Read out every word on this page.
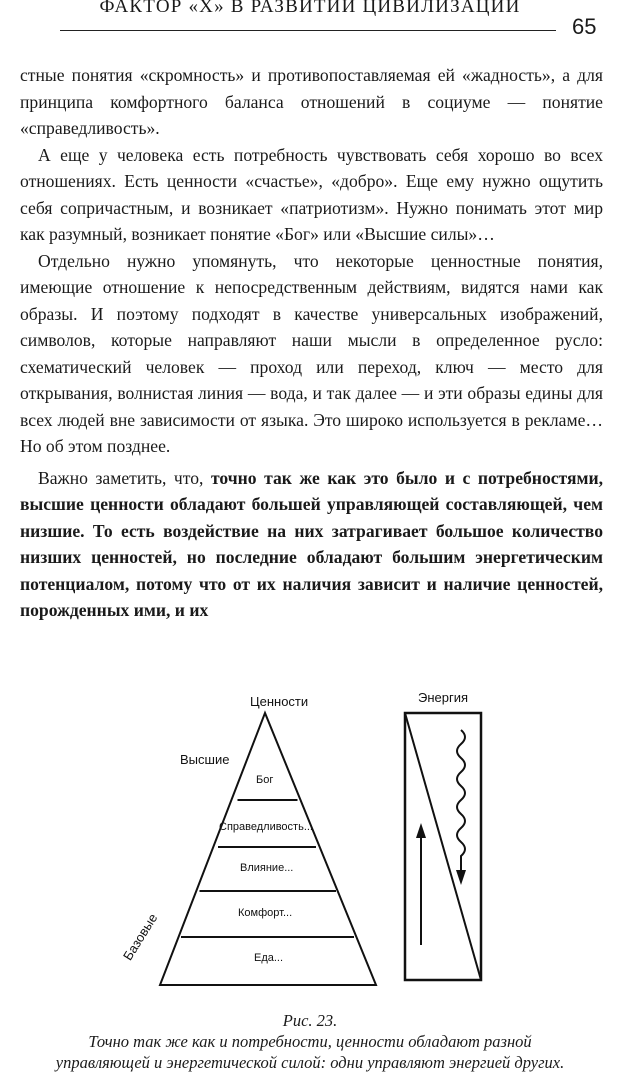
ФАКТОР «Х» В РАЗВИТИИ ЦИВИЛИЗАЦИИ
65

стные понятия «скромность» и противопоставляемая ей «жадность», а для принципа комфортного баланса отношений в социуме — понятие «справедливость».

А еще у человека есть потребность чувствовать себя хорошо во всех отношениях. Есть ценности «счастье», «добро». Еще ему нужно ощутить себя сопричастным, и возникает «патриотизм». Нужно понимать этот мир как разумный, возникает понятие «Бог» или «Высшие силы»…

Отдельно нужно упомянуть, что некоторые ценностные понятия, имеющие отношение к непосредственным действиям, видятся нами как образы. И поэтому подходят в качестве универсальных изображений, символов, которые направляют наши мысли в определенное русло: схематический человек — проход или переход, ключ — место для открывания, волнистая линия — вода, и так далее — и эти образы едины для всех людей вне зависимости от языка. Это широко используется в рекламе… Но об этом позднее.

Важно заметить, что, точно так же как это было и с потребностями, высшие ценности обладают большей управляющей составляющей, чем низшие. То есть воздействие на них затрагивает большое количество низших ценностей, но последние обладают большим энергетическим потенциалом, потому что от их наличия зависит и наличие ценностей, порожденных ими, и их

Ценности
Высшие
Базовые
Бог
Справедливость...
Влияние...
Комфорт...
Еда...
Энергия
Рис. 23.
Точно так же как и потребности, ценности обладают разной
управляющей и энергетической силой: одни управляют энергией других.
